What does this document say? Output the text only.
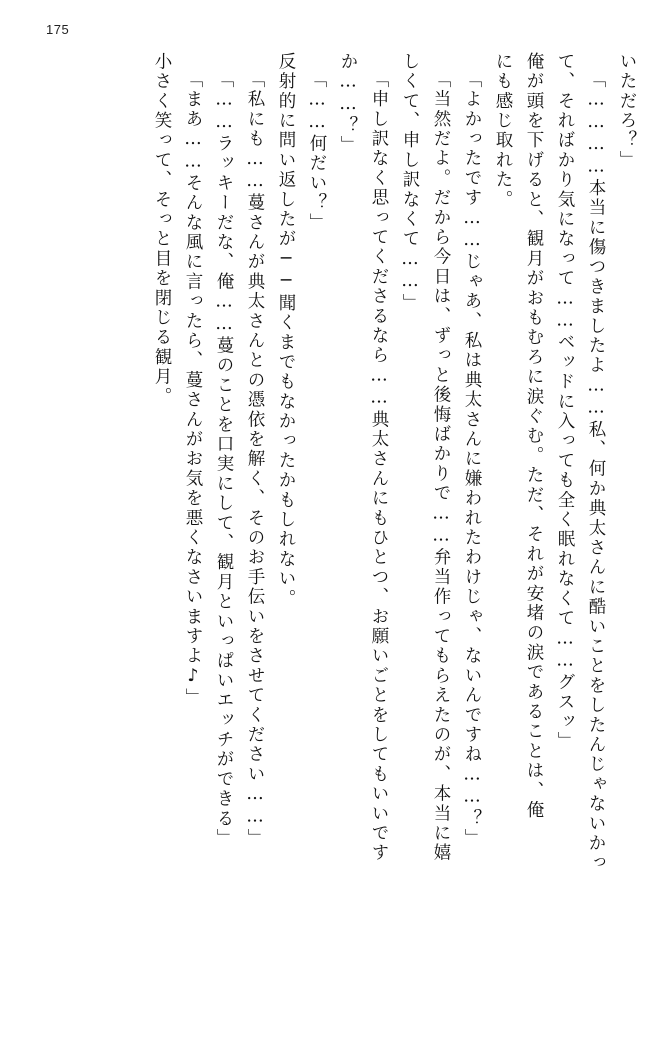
175
いただろ？」
「…………本当に傷つきましたよ……私、何か典太さんに酷いことをしたんじゃないかっ
て、そればかり気になって……ベッドに入っても全く眠れなくて……グスッ」
俺が頭を下げると、観月がおもむろに涙ぐむ。ただ、それが安堵の涙であることは、俺
にも感じ取れた。
「よかったです……じゃあ、私は典太さんに嫌われたわけじゃ、ないんですね……？」
「当然だよ。だから今日は、ずっと後悔ばかりで……弁当作ってもらえたのが、本当に嬉
しくて、申し訳なくて……」
「申し訳なく思ってくださるなら……典太さんにもひとつ、お願いごとをしてもいいです
か……？」
「……何だい？」
反射的に問い返したが──聞くまでもなかったかもしれない。
「私にも……蔓さんが典太さんとの憑依を解く、そのお手伝いをさせてください……」
「……ラッキーだな、俺……蔓のことを口実にして、観月といっぱいエッチができる」
「まあ……そんな風に言ったら、蔓さんがお気を悪くなさいますよ♪」
小さく笑って、そっと目を閉じる観月。
